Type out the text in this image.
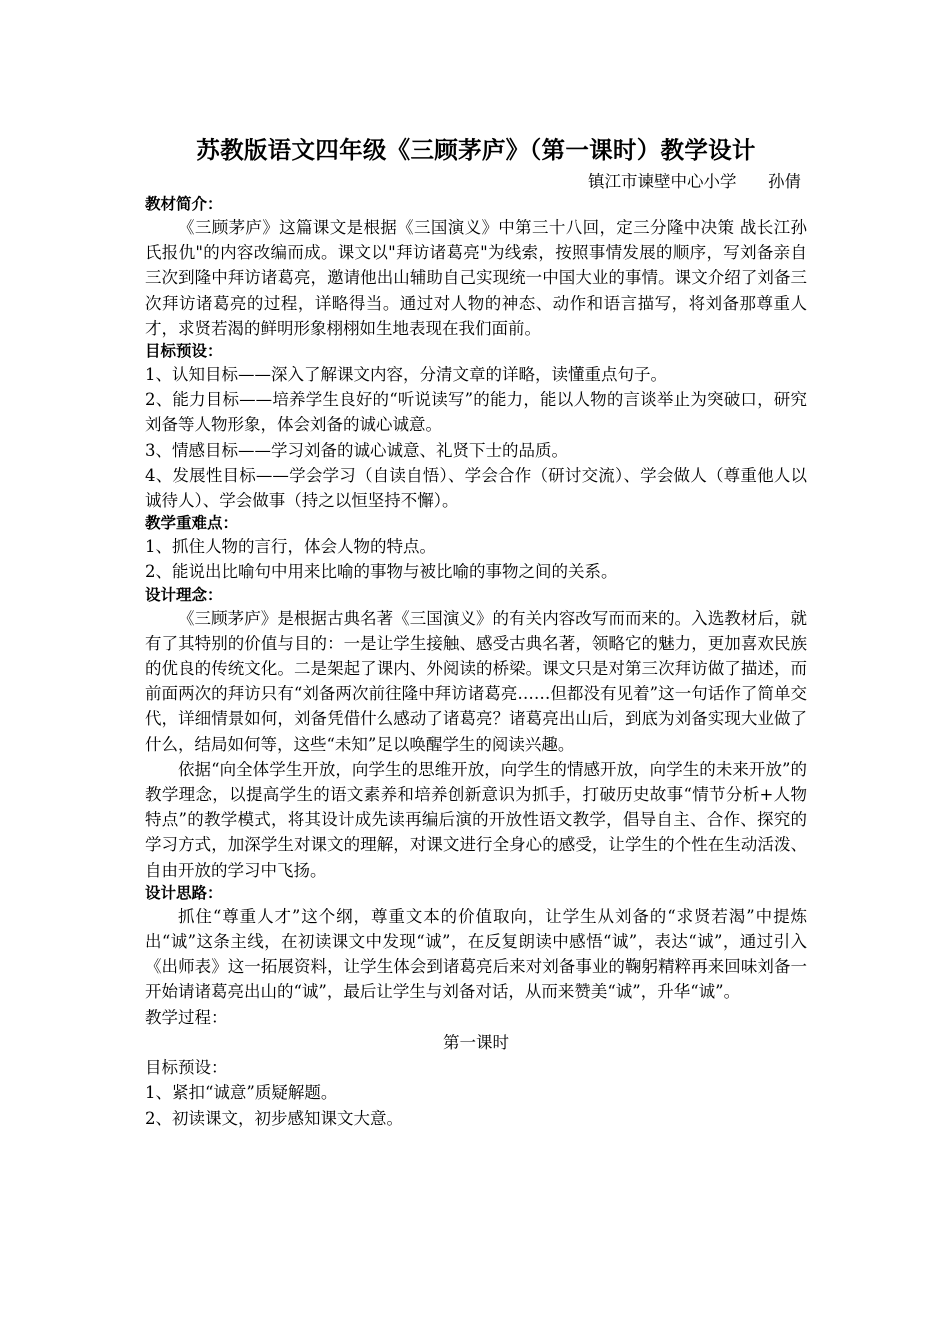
苏教版语文四年级《三顾茅庐》（第一课时）教学设计
镇江市谏壁中心小学      孙倩
教材简介：

《三顾茅庐》这篇课文是根据《三国演义》中第三十八回，定三分隆中决策 战长江孙氏报仇"的内容改编而成。课文以"拜访诸葛亮"为线索，按照事情发展的顺序，写刘备亲自三次到隆中拜访诸葛亮，邀请他出山辅助自己实现统一中国大业的事情。课文介绍了刘备三次拜访诸葛亮的过程，详略得当。通过对人物的神态、动作和语言描写，将刘备那尊重人才，求贤若渴的鲜明形象栩栩如生地表现在我们面前。

目标预设：

1、认知目标——深入了解课文内容，分清文章的详略，读懂重点句子。

2、能力目标——培养学生良好的“听说读写”的能力，能以人物的言谈举止为突破口，研究刘备等人物形象，体会刘备的诚心诚意。

3、情感目标——学习刘备的诚心诚意、礼贤下士的品质。

4、发展性目标——学会学习（自读自悟）、学会合作（研讨交流）、学会做人（尊重他人以诚待人）、学会做事（持之以恒坚持不懈）。

教学重难点：

1、抓住人物的言行，体会人物的特点。

2、能说出比喻句中用来比喻的事物与被比喻的事物之间的关系。

设计理念：

《三顾茅庐》是根据古典名著《三国演义》的有关内容改写而而来的。入选教材后，就有了其特别的价值与目的：一是让学生接触、感受古典名著，领略它的魅力，更加喜欢民族的优良的传统文化。二是架起了课内、外阅读的桥梁。课文只是对第三次拜访做了描述，而前面两次的拜访只有“刘备两次前往隆中拜访诸葛亮……但都没有见着”这一句话作了简单交代，详细情景如何，刘备凭借什么感动了诸葛亮？诸葛亮出山后，到底为刘备实现大业做了什么，结局如何等，这些“未知”足以唤醒学生的阅读兴趣。

依据“向全体学生开放，向学生的思维开放，向学生的情感开放，向学生的未来开放”的教学理念，以提高学生的语文素养和培养创新意识为抓手，打破历史故事“情节分析+人物特点”的教学模式，将其设计成先读再编后演的开放性语文教学，倡导自主、合作、探究的学习方式，加深学生对课文的理解，对课文进行全身心的感受，让学生的个性在生动活泼、自由开放的学习中飞扬。

设计思路：

抓住“尊重人才”这个纲，尊重文本的价值取向，让学生从刘备的“求贤若渴”中提炼出“诚”这条主线，在初读课文中发现“诚”，在反复朗读中感悟“诚”，表达“诚”，通过引入《出师表》这一拓展资料，让学生体会到诸葛亮后来对刘备事业的鞠躬精粹再来回味刘备一开始请诸葛亮出山的“诚”，最后让学生与刘备对话，从而来赞美“诚”，升华“诚”。

教学过程：

第一课时

目标预设：

1、紧扣“诚意”质疑解题。

2、初读课文，初步感知课文大意。
